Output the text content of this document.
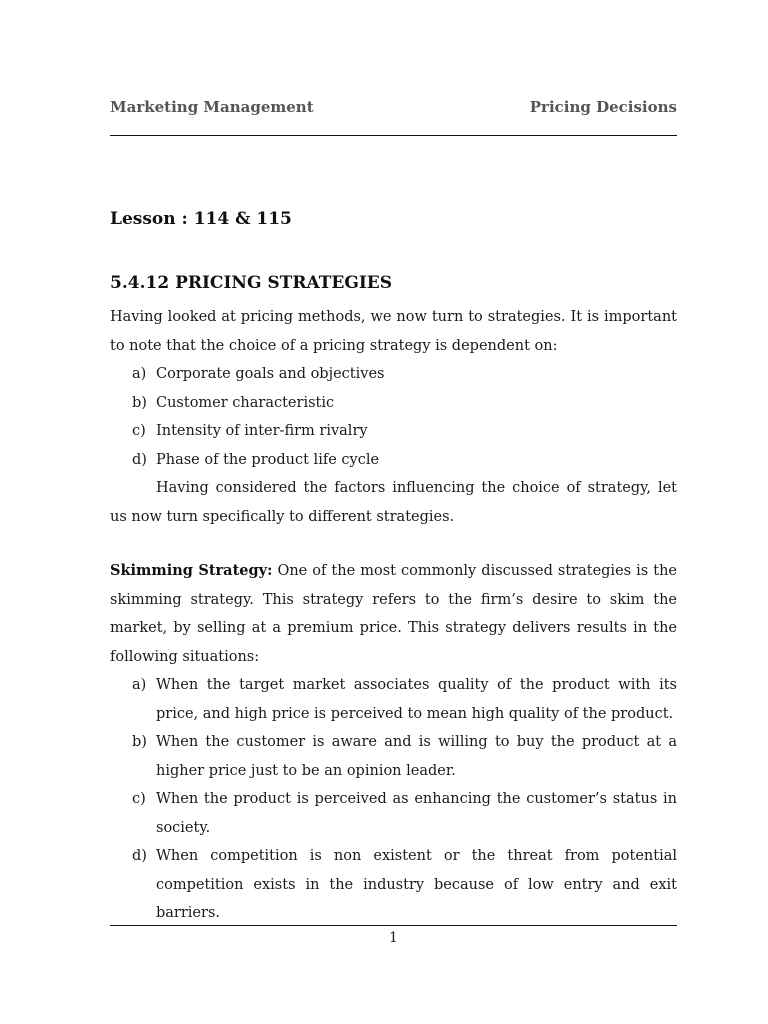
Marketing Management	Pricing Decisions
Lesson : 114 & 115
5.4.12 PRICING STRATEGIES

Having looked at pricing methods, we now turn to strategies. It is important to note that the choice of a pricing strategy is dependent on:

a) Corporate goals and objectives
b) Customer characteristic
c) Intensity of inter-firm rivalry
d) Phase of the product life cycle

Having considered the factors influencing the choice of strategy, let us now turn specifically to different strategies.

Skimming Strategy: One of the most commonly discussed strategies is the skimming strategy. This strategy refers to the firm’s desire to skim the market, by selling at a premium price. This strategy delivers results in the following situations:

a) When the target market associates quality of the product with its price, and high price is perceived to mean high quality of the product.
b) When the customer is aware and is willing to buy the product at a higher price just to be an opinion leader.
c) When the product is perceived as enhancing the customer’s status in society.
d) When competition is non existent or the threat from potential competition exists in the industry because of low entry and exit barriers.
1
